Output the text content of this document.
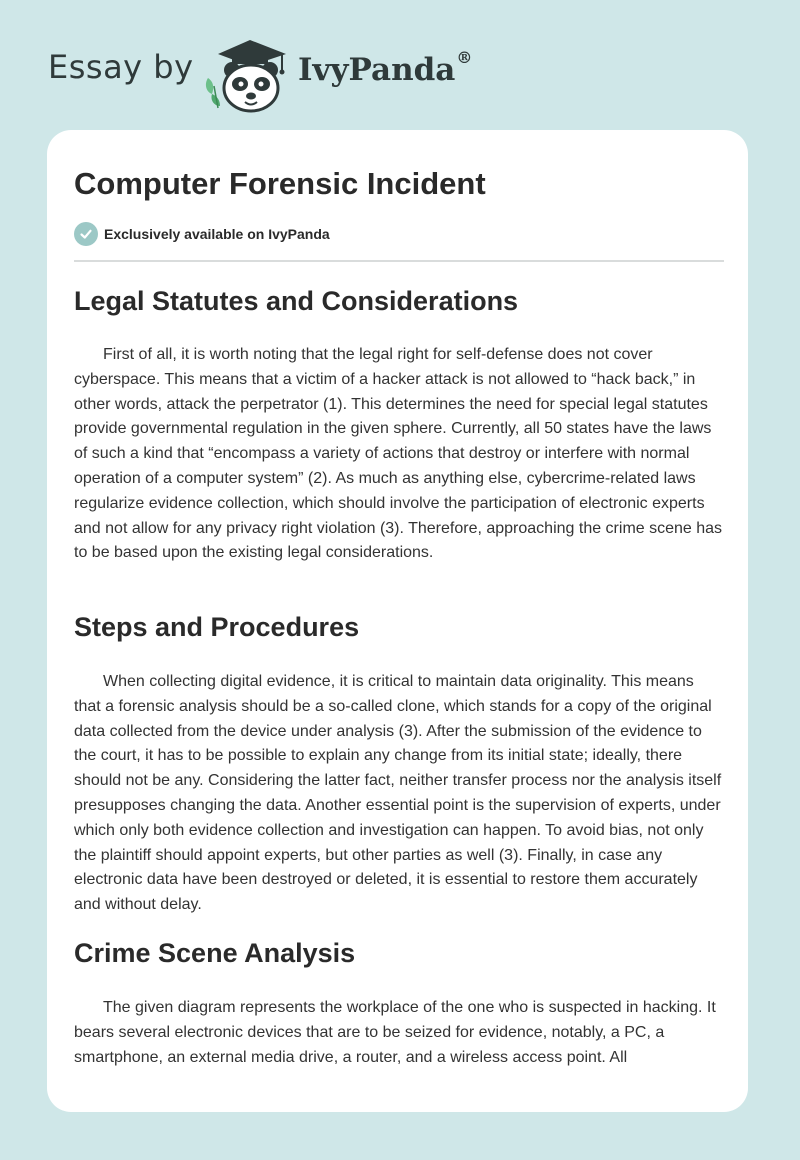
Essay by	IvyPanda®
Computer Forensic Incident
Exclusively available on IvyPanda
Legal Statutes and Considerations

First of all, it is worth noting that the legal right for self-defense does not cover cyberspace. This means that a victim of a hacker attack is not allowed to “hack back,” in other words, attack the perpetrator (1). This determines the need for special legal statutes provide governmental regulation in the given sphere. Currently, all 50 states have the laws of such a kind that “encompass a variety of actions that destroy or interfere with normal operation of a computer system” (2). As much as anything else, cybercrime-related laws regularize evidence collection, which should involve the participation of electronic experts and not allow for any privacy right violation (3). Therefore, approaching the crime scene has to be based upon the existing legal considerations.

Steps and Procedures

When collecting digital evidence, it is critical to maintain data originality. This means that a forensic analysis should be a so-called clone, which stands for a copy of the original data collected from the device under analysis (3). After the submission of the evidence to the court, it has to be possible to explain any change from its initial state; ideally, there should not be any. Considering the latter fact, neither transfer process nor the analysis itself presupposes changing the data. Another essential point is the supervision of experts, under which only both evidence collection and investigation can happen. To avoid bias, not only the plaintiff should appoint experts, but other parties as well (3). Finally, in case any electronic data have been destroyed or deleted, it is essential to restore them accurately and without delay.

Crime Scene Analysis

The given diagram represents the workplace of the one who is suspected in hacking. It bears several electronic devices that are to be seized for evidence, notably, a PC, a smartphone, an external media drive, a router, and a wireless access point. All
